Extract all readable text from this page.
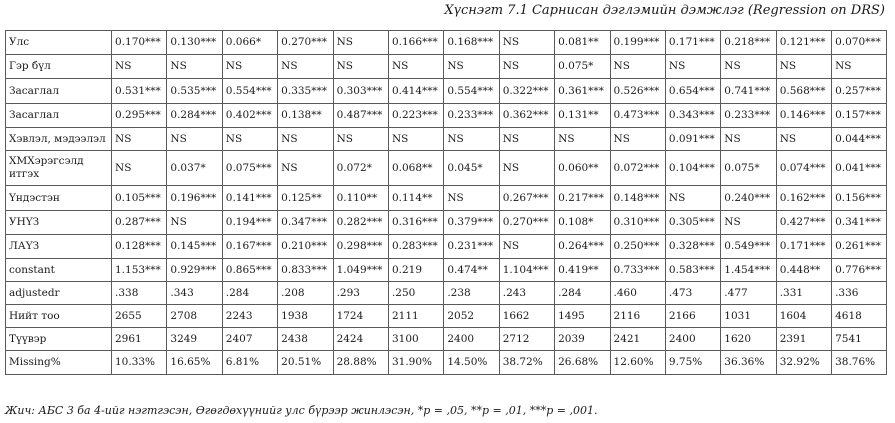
Хүснэгт 7.1 Сарнисан дэглэмийн дэмжлэг (Regression on DRS)
Улс	0.170***	0.130***	0.066*	0.270***	NS	0.166***	0.168***	NS	0.081**	0.199***	0.171***	0.218***	0.121***	0.070***
Гэр бүл	NS	NS	NS	NS	NS	NS	NS	NS	0.075*	NS	NS	NS	NS	NS
Засаглал	0.531***	0.535***	0.554***	0.335***	0.303***	0.414***	0.554***	0.322***	0.361***	0.526***	0.654***	0.741***	0.568***	0.257***
Засаглал	0.295***	0.284***	0.402***	0.138**	0.487***	0.223***	0.233***	0.362***	0.131**	0.473***	0.343***	0.233***	0.146***	0.157***
Хэвлэл, мэдээлэл	NS	NS	NS	NS	NS	NS	NS	NS	NS	NS	0.091***	NS	NS	0.044***
ХМХэрэгсэлд итгэх	NS	0.037*	0.075***	NS	0.072*	0.068**	0.045*	NS	0.060**	0.072***	0.104***	0.075*	0.074***	0.041***
Үндэстэн	0.105***	0.196***	0.141***	0.125**	0.110**	0.114**	NS	0.267***	0.217***	0.148***	NS	0.240***	0.162***	0.156***
УНҮЗ	0.287***	NS	0.194***	0.347***	0.282***	0.316***	0.379***	0.270***	0.108*	0.310***	0.305***	NS	0.427***	0.341***
ЛАҮЗ	0.128***	0.145***	0.167***	0.210***	0.298***	0.283***	0.231***	NS	0.264***	0.250***	0.328***	0.549***	0.171***	0.261***
constant	1.153***	0.929***	0.865***	0.833***	1.049***	0.219	0.474**	1.104***	0.419**	0.733***	0.583***	1.454***	0.448**	0.776***
adjustedr	.338	.343	.284	.208	.293	.250	.238	.243	.284	.460	.473	.477	.331	.336
Нийт тоо	2655	2708	2243	1938	1724	2111	2052	1662	1495	2116	2166	1031	1604	4618
Түүвэр	2961	3249	2407	2438	2424	3100	2400	2712	2039	2421	2400	1620	2391	7541
Missing%	10.33%	16.65%	6.81%	20.51%	28.88%	31.90%	14.50%	38.72%	26.68%	12.60%	9.75%	36.36%	32.92%	38.76%
Жич: АБС 3 ба 4-ийг нэгтгэсэн, Өгөгдөхүүнийг улс бүрээр жинлэсэн, *p = ,05, **p = ,01, ***p = ,001.
